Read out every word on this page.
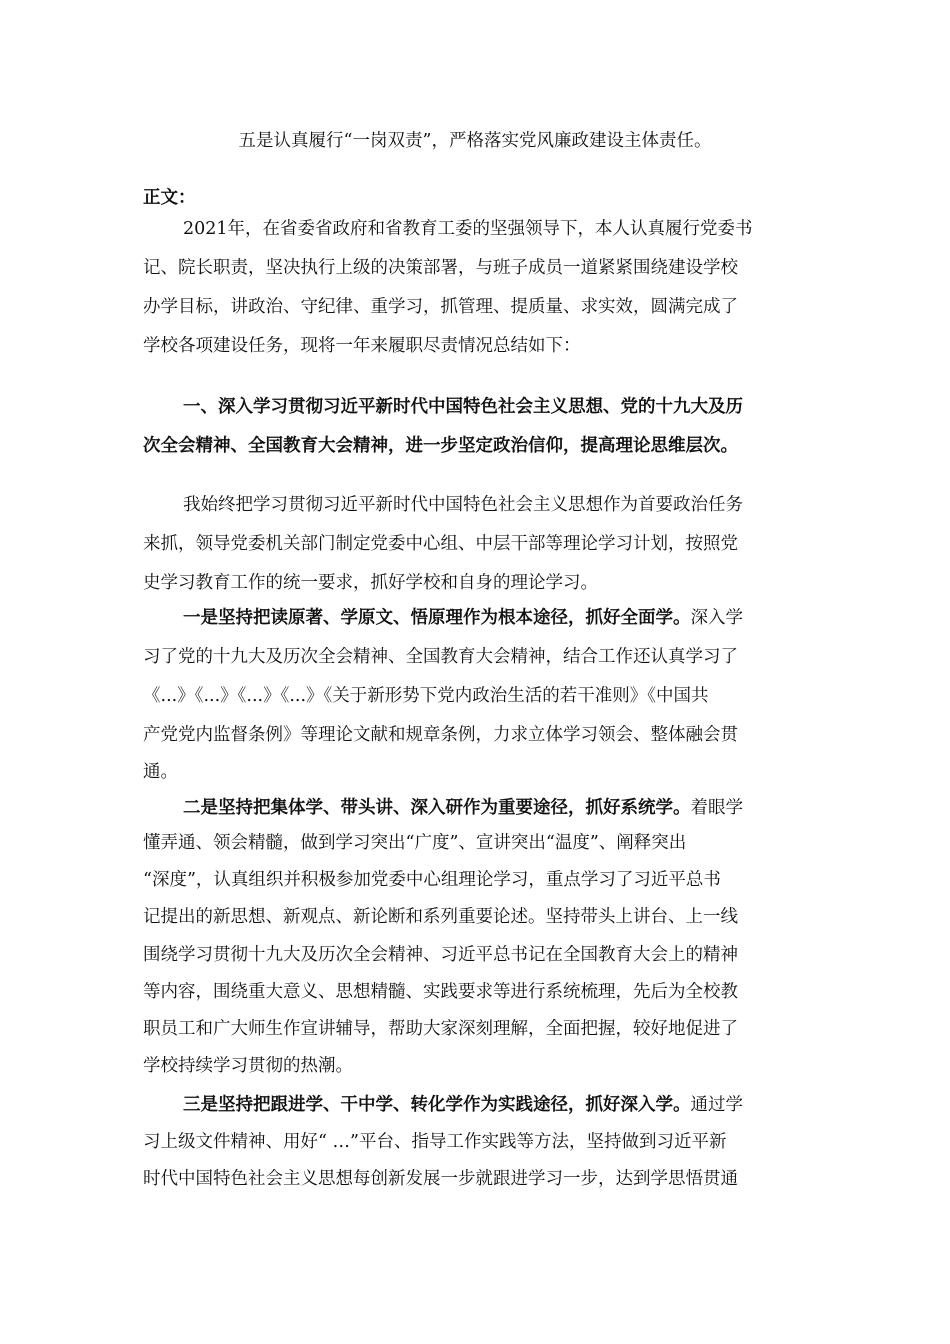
五是认真履行“一岗双责”，严格落实党风廉政建设主体责任。
正文：
2021年，在省委省政府和省教育工委的坚强领导下，本人认真履行党委书
记、院长职责，坚决执行上级的决策部署，与班子成员一道紧紧围绕建设学校
办学目标，讲政治、守纪律、重学习，抓管理、提质量、求实效，圆满完成了
学校各项建设任务，现将一年来履职尽责情况总结如下：
一、深入学习贯彻习近平新时代中国特色社会主义思想、党的十九大及历
次全会精神、全国教育大会精神，进一步坚定政治信仰，提高理论思维层次。
我始终把学习贯彻习近平新时代中国特色社会主义思想作为首要政治任务
来抓，领导党委机关部门制定党委中心组、中层干部等理论学习计划，按照党
史学习教育工作的统一要求，抓好学校和自身的理论学习。
一是坚持把读原著、学原文、悟原理作为根本途径，抓好全面学。深入学
习了党的十九大及历次全会精神、全国教育大会精神，结合工作还认真学习了
《...》《...》《...》《...》《关于新形势下党内政治生活的若干准则》《中国共
产党党内监督条例》等理论文献和规章条例，力求立体学习领会、整体融会贯
通。
二是坚持把集体学、带头讲、深入研作为重要途径，抓好系统学。着眼学
懂弄通、领会精髓，做到学习突出“广度”、宣讲突出“温度”、阐释突出
“深度”，认真组织并积极参加党委中心组理论学习，重点学习了习近平总书
记提出的新思想、新观点、新论断和系列重要论述。坚持带头上讲台、上一线
围绕学习贯彻十九大及历次全会精神、习近平总书记在全国教育大会上的精神
等内容，围绕重大意义、思想精髓、实践要求等进行系统梳理，先后为全校教
职员工和广大师生作宣讲辅导，帮助大家深刻理解，全面把握，较好地促进了
学校持续学习贯彻的热潮。
三是坚持把跟进学、干中学、转化学作为实践途径，抓好深入学。通过学
习上级文件精神、用好“ …”平台、指导工作实践等方法，坚持做到习近平新
时代中国特色社会主义思想每创新发展一步就跟进学习一步，达到学思悟贯通
